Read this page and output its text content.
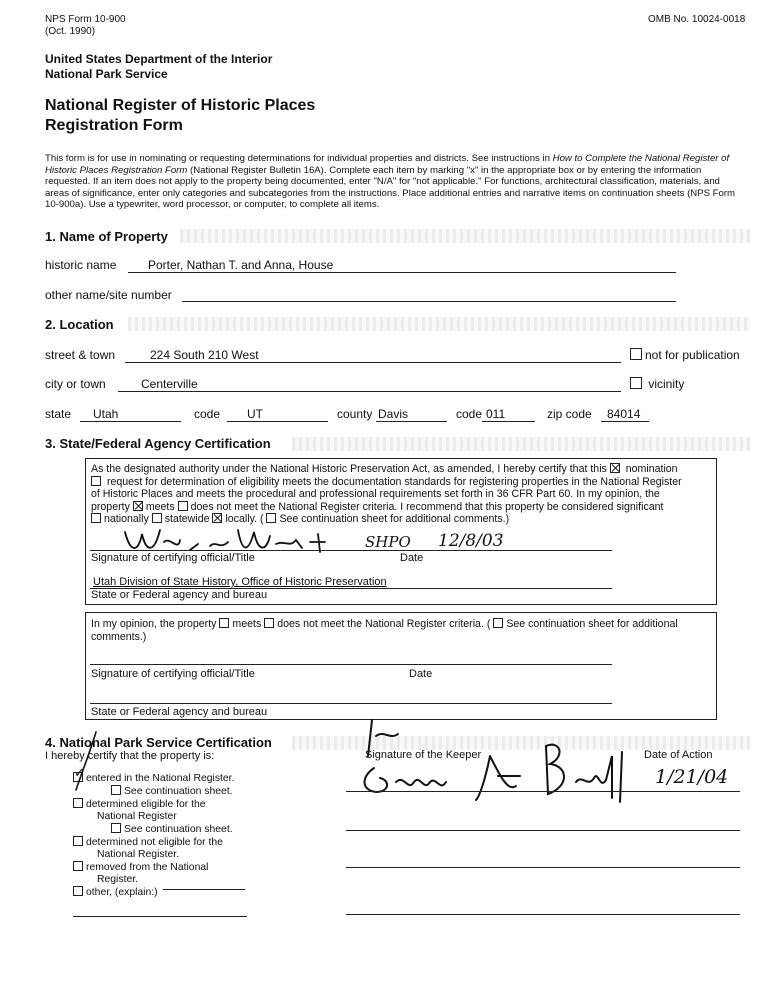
NPS Form 10-900
(Oct. 1990)
OMB No. 10024-0018
United States Department of the Interior
National Park Service
National Register of Historic Places
Registration Form
This form is for use in nominating or requesting determinations for individual properties and districts. See instructions in How to Complete the National Register of Historic Places Registration Form (National Register Bulletin 16A). Complete each item by marking "x" in the appropriate box or by entering the information requested. If an item does not apply to the property being documented, enter "N/A" for "not applicable." For functions, architectural classification, materials, and areas of significance, enter only categories and subcategories from the instructions. Place additional entries and narrative items on continuation sheets (NPS Form 10-900a). Use a typewriter, word processor, or computer, to complete all items.
1. Name of Property
historic name	Porter, Nathan T. and Anna, House
other name/site number
2. Location
street & town	224 South 210 West	not for publication
city or town	Centerville	vicinity
state Utah	code UT	county Davis	code 011	zip code 84014
3. State/Federal Agency Certification
As the designated authority under the National Historic Preservation Act, as amended, I hereby certify that this nomination
request for determination of eligibility meets the documentation standards for registering properties in the National Register
of Historic Places and meets the procedural and professional requirements set forth in 36 CFR Part 60. In my opinion, the
property meets does not meet the National Register criteria. I recommend that this property be considered significant
nationally statewide locally. ( See continuation sheet for additional comments.)
SHPO 12/8/03
Signature of certifying official/Title	Date
Utah Division of State History, Office of Historic Preservation
State or Federal agency and bureau
In my opinion, the property meets does not meet the National Register criteria. ( See continuation sheet for additional
comments.)
Signature of certifying official/Title	Date
State or Federal agency and bureau
4. National Park Service Certification
I hereby certify that the property is:	Signature of the Keeper	Date of Action
1/21/04
✓entered in the National Register.
See continuation sheet.
determined eligible for the
National Register
See continuation sheet.
determined not eligible for the
National Register.
removed from the National
Register.
other, (explain:)
